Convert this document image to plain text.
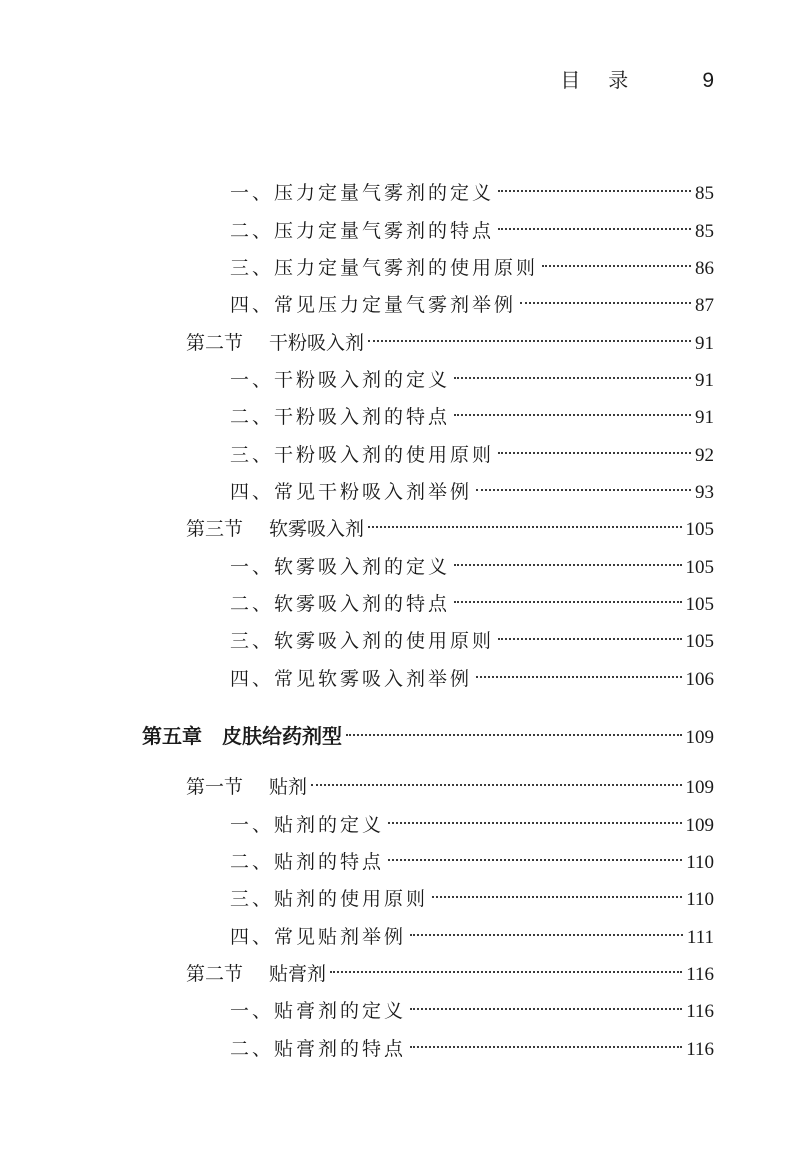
目录 9
一、压力定量气雾剂的定义	85
二、压力定量气雾剂的特点	85
三、压力定量气雾剂的使用原则	86
四、常见压力定量气雾剂举例	87
第二节 干粉吸入剂	91
一、干粉吸入剂的定义	91
二、干粉吸入剂的特点	91
三、干粉吸入剂的使用原则	92
四、常见干粉吸入剂举例	93
第三节 软雾吸入剂	105
一、软雾吸入剂的定义	105
二、软雾吸入剂的特点	105
三、软雾吸入剂的使用原则	105
四、常见软雾吸入剂举例	106
第五章 皮肤给药剂型	109
第一节 贴剂	109
一、贴剂的定义	109
二、贴剂的特点	110
三、贴剂的使用原则	110
四、常见贴剂举例	111
第二节 贴膏剂	116
一、贴膏剂的定义	116
二、贴膏剂的特点	116
